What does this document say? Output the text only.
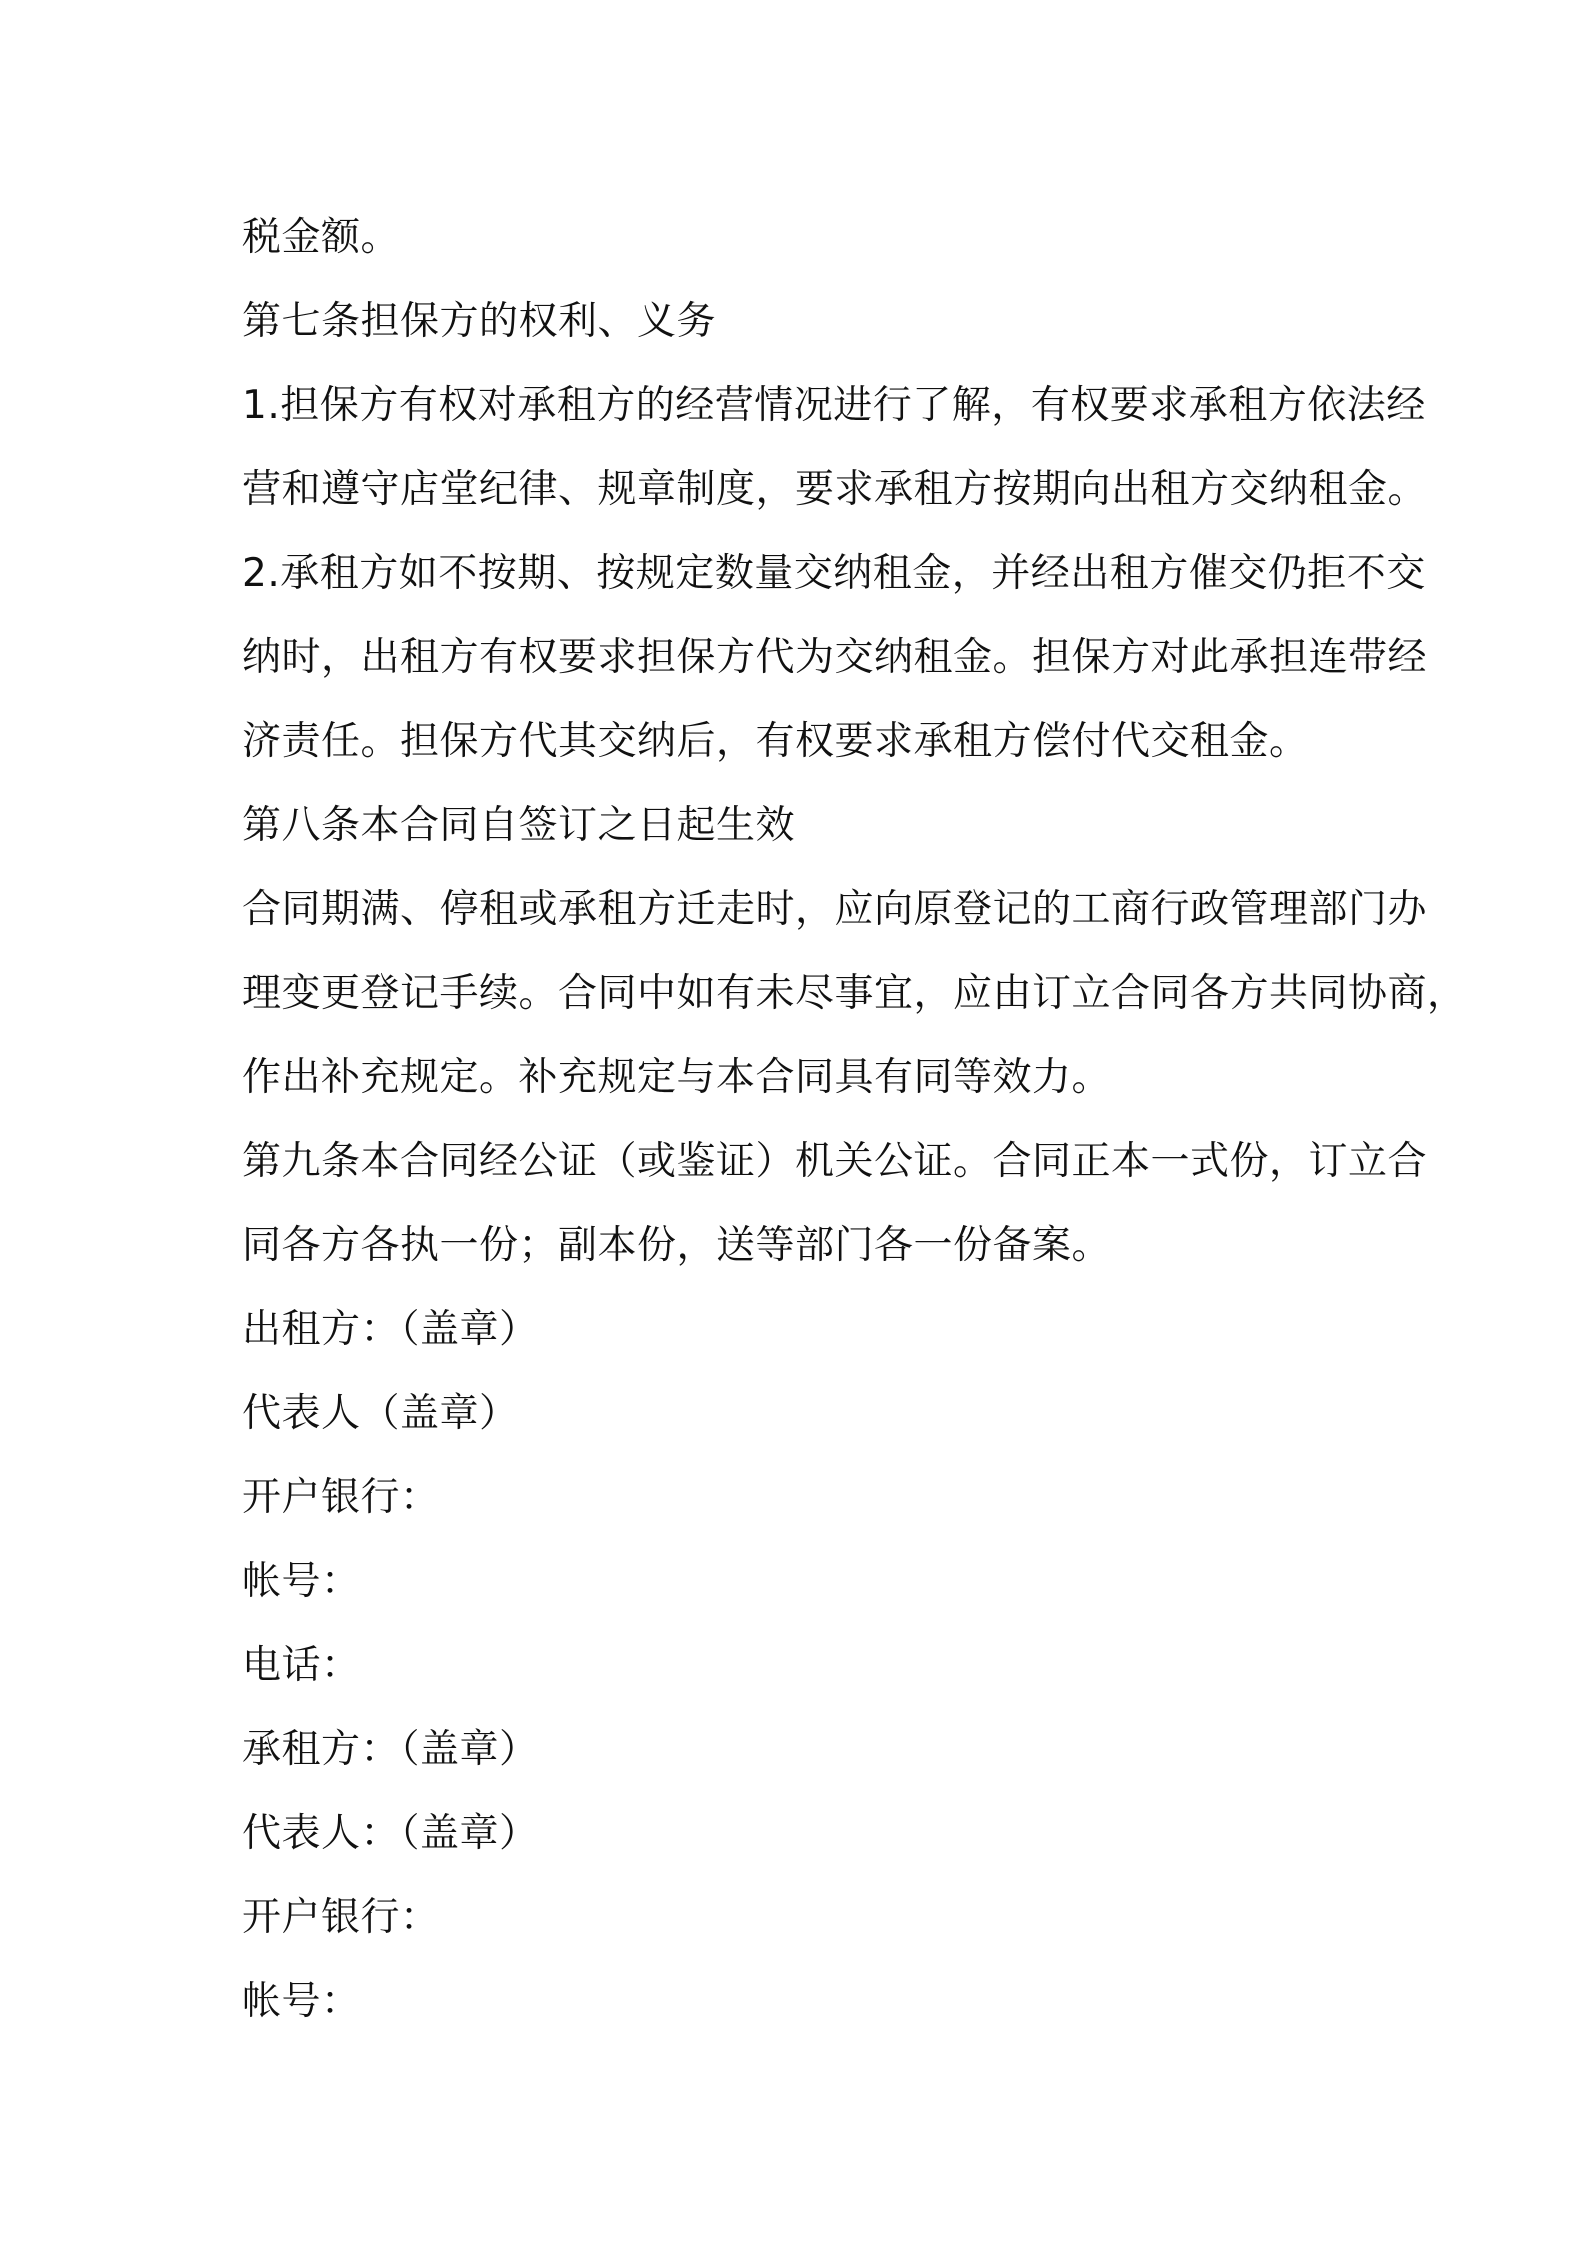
税金额。
第七条担保方的权利、义务
1.担保方有权对承租方的经营情况进行了解，有权要求承租方依法经
营和遵守店堂纪律、规章制度，要求承租方按期向出租方交纳租金。
2.承租方如不按期、按规定数量交纳租金，并经出租方催交仍拒不交
纳时，出租方有权要求担保方代为交纳租金。担保方对此承担连带经
济责任。担保方代其交纳后，有权要求承租方偿付代交租金。
第八条本合同自签订之日起生效
合同期满、停租或承租方迁走时，应向原登记的工商行政管理部门办
理变更登记手续。合同中如有未尽事宜，应由订立合同各方共同协商，
作出补充规定。补充规定与本合同具有同等效力。
第九条本合同经公证（或鉴证）机关公证。合同正本一式份，订立合
同各方各执一份；副本份，送等部门各一份备案。
出租方：（盖章）
代表人（盖章）
开户银行：
帐号：
电话：
承租方：（盖章）
代表人：（盖章）
开户银行：
帐号：
